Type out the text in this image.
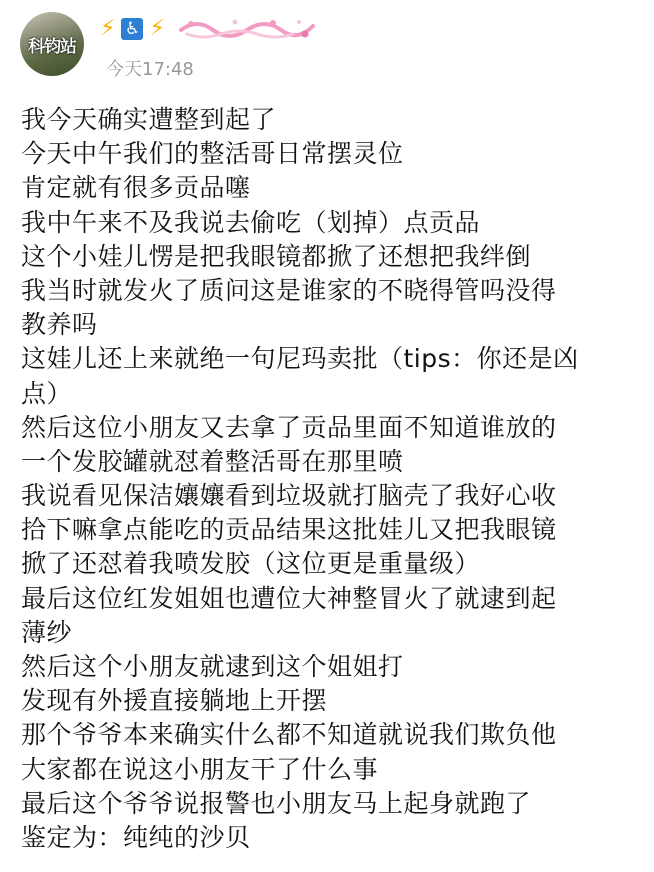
科钧站
⚡ ♿ ⚡
今天17:48
我今天确实遭整到起了
今天中午我们的整活哥日常摆灵位
肯定就有很多贡品噻
我中午来不及我说去偷吃（划掉）点贡品
这个小娃儿愣是把我眼镜都掀了还想把我绊倒
我当时就发火了质问这是谁家的不晓得管吗没得
教养吗
这娃儿还上来就绝一句尼玛卖批（tips：你还是凶
点）
然后这位小朋友又去拿了贡品里面不知道谁放的
一个发胶罐就怼着整活哥在那里喷
我说看见保洁孃孃看到垃圾就打脑壳了我好心收
拾下嘛拿点能吃的贡品结果这批娃儿又把我眼镜
掀了还怼着我喷发胶（这位更是重量级）
最后这位红发姐姐也遭位大神整冒火了就逮到起
薄纱
然后这个小朋友就逮到这个姐姐打
发现有外援直接躺地上开摆
那个爷爷本来确实什么都不知道就说我们欺负他
大家都在说这小朋友干了什么事
最后这个爷爷说报警也小朋友马上起身就跑了
鉴定为：纯纯的沙贝
